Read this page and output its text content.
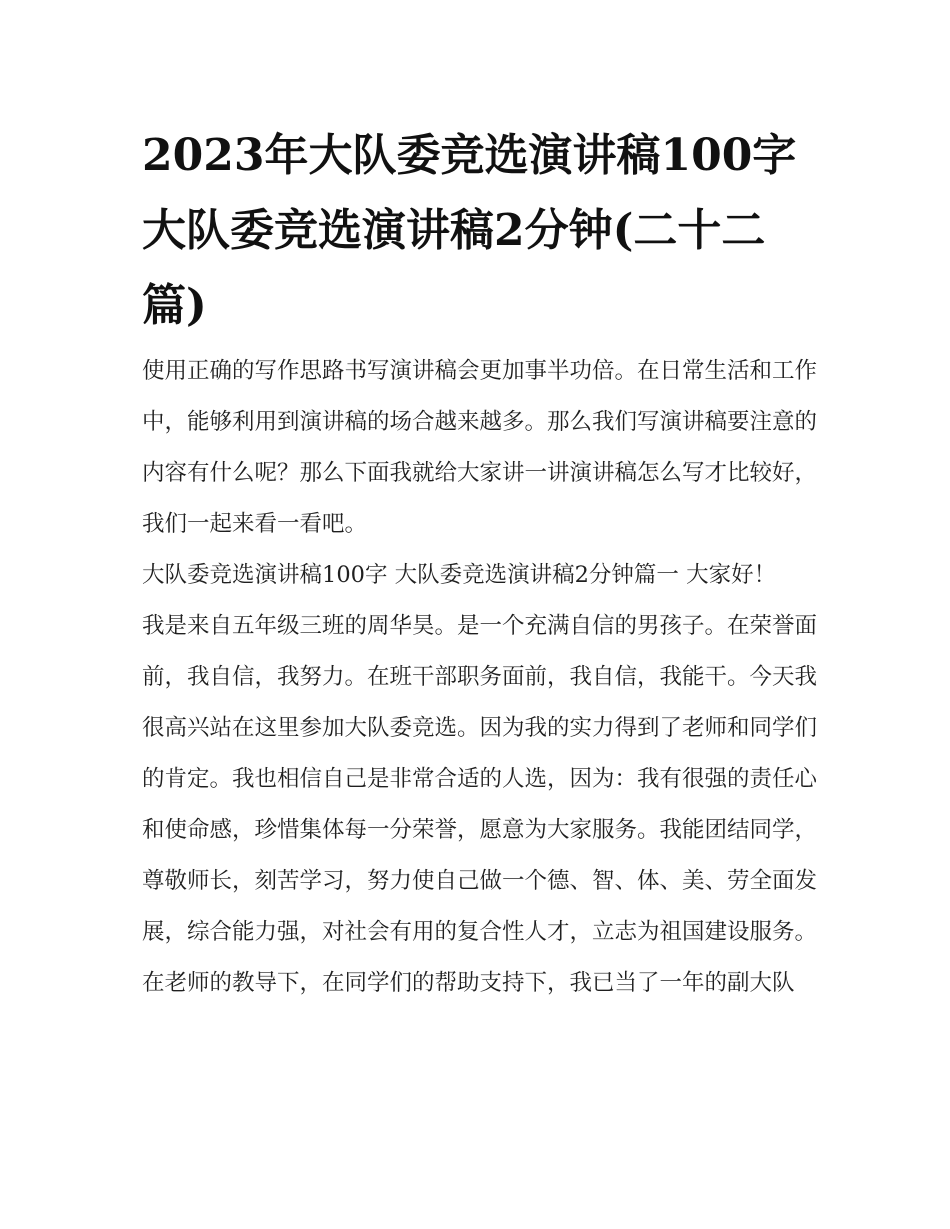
2023年大队委竞选演讲稿100字 大队委竞选演讲稿2分钟(二十二篇)

使用正确的写作思路书写演讲稿会更加事半功倍。在日常生活和工作中，能够利用到演讲稿的场合越来越多。那么我们写演讲稿要注意的内容有什么呢？那么下面我就给大家讲一讲演讲稿怎么写才比较好，我们一起来看一看吧。

大队委竞选演讲稿100字 大队委竞选演讲稿2分钟篇一 大家好！

我是来自五年级三班的周华昊。是一个充满自信的男孩子。在荣誉面前，我自信，我努力。在班干部职务面前，我自信，我能干。今天我很高兴站在这里参加大队委竞选。因为我的实力得到了老师和同学们的肯定。我也相信自己是非常合适的人选，因为：我有很强的责任心和使命感，珍惜集体每一分荣誉，愿意为大家服务。我能团结同学，尊敬师长，刻苦学习，努力使自己做一个德、智、体、美、劳全面发展，综合能力强，对社会有用的复合性人才，立志为祖国建设服务。在老师的教导下，在同学们的帮助支持下，我已当了一年的副大队
